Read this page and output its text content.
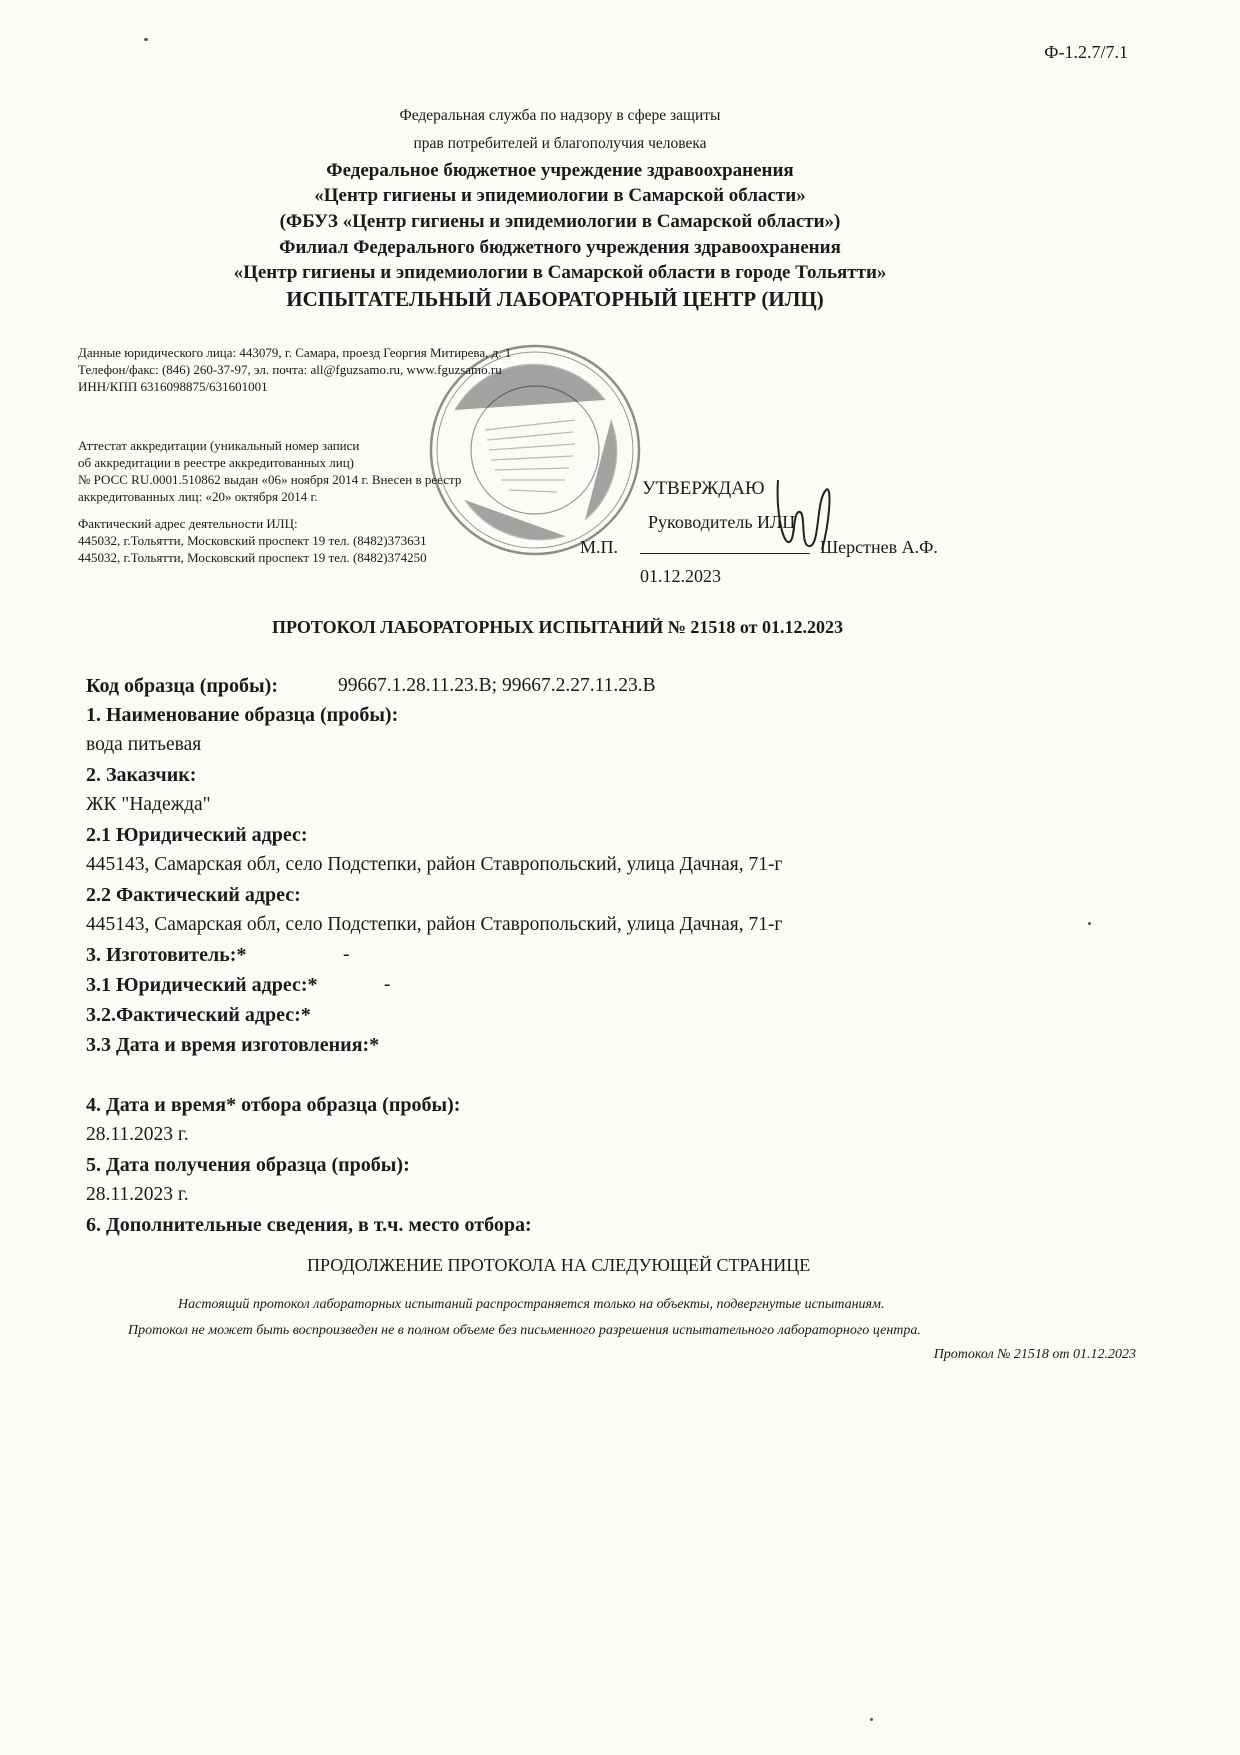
Ф-1.2.7/7.1
Федеральная служба по надзору в сфере защиты
прав потребителей и благополучия человека
Федеральное бюджетное учреждение здравоохранения
«Центр гигиены и эпидемиологии в Самарской области»
(ФБУЗ «Центр гигиены и эпидемиологии в Самарской области»)
Филиал Федерального бюджетного учреждения здравоохранения
«Центр гигиены и эпидемиологии в Самарской области в городе Тольятти»
ИСПЫТАТЕЛЬНЫЙ ЛАБОРАТОРНЫЙ ЦЕНТР (ИЛЦ)
Данные юридического лица: 443079, г. Самара, проезд Георгия Митирева, д. 1
Телефон/факс: (846) 260-37-97, эл. почта: all@fguzsamo.ru, www.fguzsamo.ru
ИНН/КПП 6316098875/631601001
Аттестат аккредитации (уникальный номер записи
об аккредитации в реестре аккредитованных лиц)
№ РОСС RU.0001.510862 выдан «06» ноября 2014 г. Внесен в реестр
аккредитованных лиц: «20» октября 2014 г.
Фактический адрес деятельности ИЛЦ:
445032, г.Тольятти, Московский проспект 19 тел. (8482)373631
445032, г.Тольятти, Московский проспект 19 тел. (8482)374250
УТВЕРЖДАЮ
Руководитель ИЛЦ
М.П.	Шерстнев А.Ф.
01.12.2023
ПРОТОКОЛ ЛАБОРАТОРНЫХ ИСПЫТАНИЙ № 21518 от 01.12.2023
Код образца (пробы):	99667.1.28.11.23.В; 99667.2.27.11.23.В
1. Наименование образца (пробы):
вода питьевая
2. Заказчик:
ЖК "Надежда"
2.1 Юридический адрес:
445143, Самарская обл, село Подстепки, район Ставропольский, улица Дачная, 71-г
2.2 Фактический адрес:
445143, Самарская обл, село Подстепки, район Ставропольский, улица Дачная, 71-г
3. Изготовитель:*	-
3.1 Юридический адрес:*	-
3.2.Фактический адрес:*
3.3 Дата и время изготовления:*
4. Дата и время* отбора образца (пробы):
28.11.2023 г.
5. Дата получения образца (пробы):
28.11.2023 г.
6. Дополнительные сведения, в т.ч. место отбора:
ПРОДОЛЖЕНИЕ ПРОТОКОЛА НА СЛЕДУЮЩЕЙ СТРАНИЦЕ
Настоящий протокол лабораторных испытаний распространяется только на объекты, подвергнутые испытаниям.
Протокол не может быть воспроизведен не в полном объеме без письменного разрешения испытательного лабораторного центра.
Протокол № 21518 от 01.12.2023
